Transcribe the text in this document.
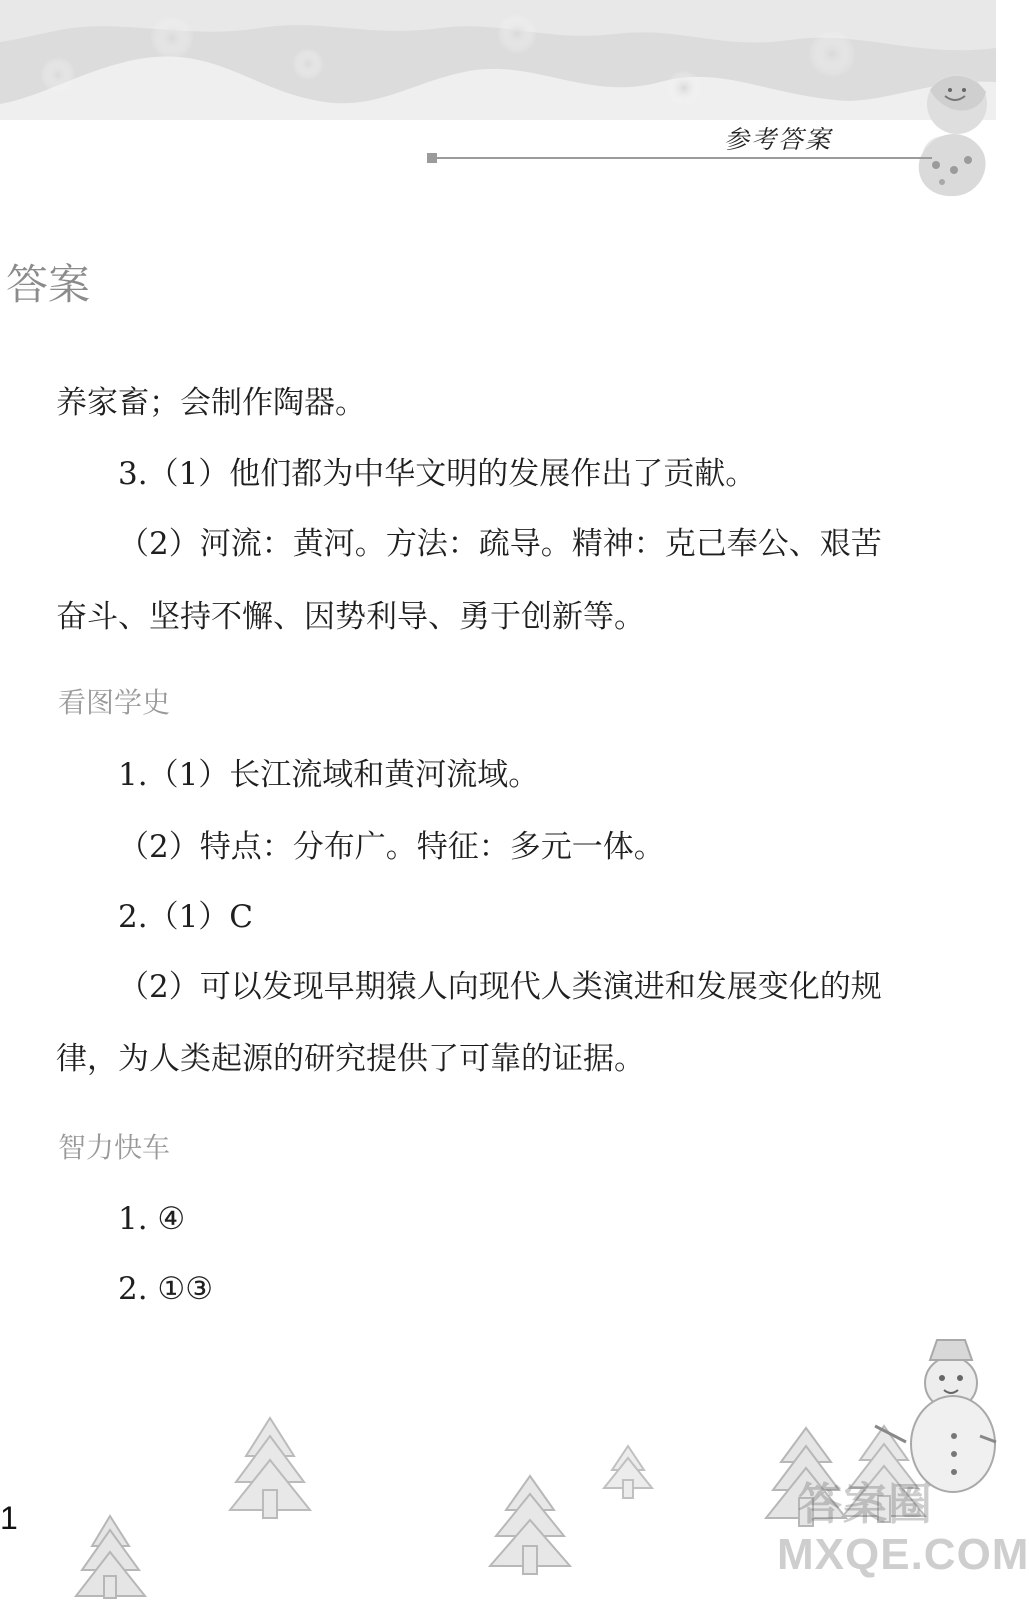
参考答案
答案
养家畜；会制作陶器。
3.（1）他们都为中华文明的发展作出了贡献。
（2）河流：黄河。方法：疏导。精神：克己奉公、艰苦
奋斗、坚持不懈、因势利导、勇于创新等。
看图学史
1.（1）长江流域和黄河流域。
（2）特点：分布广。特征：多元一体。
2.（1）C
（2）可以发现早期猿人向现代人类演进和发展变化的规
律，为人类起源的研究提供了可靠的证据。
智力快车
1. ④
2. ①③
1	答案圈
MXQE.COM
